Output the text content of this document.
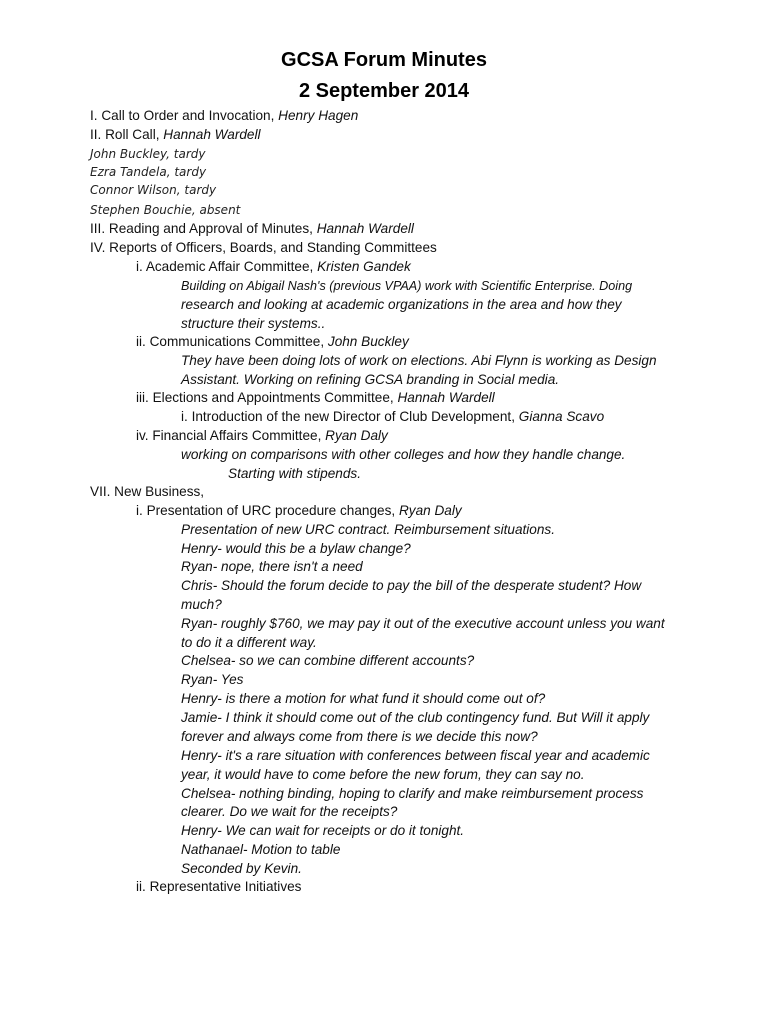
GCSA Forum Minutes
2 September 2014
I. Call to Order and Invocation, Henry Hagen
II. Roll Call, Hannah Wardell
John Buckley, tardy
Ezra Tandela, tardy
Connor Wilson, tardy
Stephen Bouchie, absent
III. Reading and Approval of Minutes, Hannah Wardell
IV. Reports of Officers, Boards, and Standing Committees
i. Academic Affair Committee, Kristen Gandek
Building on Abigail Nash's (previous VPAA) work with Scientific Enterprise. Doing
research and looking at academic organizations in the area and how they
structure their systems..
ii. Communications Committee, John Buckley
They have been doing lots of work on elections. Abi Flynn is working as Design
Assistant. Working on refining GCSA branding in Social media.
iii. Elections and Appointments Committee, Hannah Wardell
i. Introduction of the new Director of Club Development, Gianna Scavo
iv. Financial Affairs Committee, Ryan Daly
working on comparisons with other colleges and how they handle change.
Starting with stipends.
VII. New Business,
i. Presentation of URC procedure changes, Ryan Daly
Presentation of new URC contract. Reimbursement situations.
Henry- would this be a bylaw change?
Ryan- nope, there isn't a need
Chris- Should the forum decide to pay the bill of the desperate student? How
much?
Ryan- roughly $760, we may pay it out of the executive account unless you want
to do it a different way.
Chelsea- so we can combine different accounts?
Ryan- Yes
Henry- is there a motion for what fund it should come out of?
Jamie- I think it should come out of the club contingency fund. But Will it apply
forever and always come from there is we decide this now?
Henry- it's a rare situation with conferences between fiscal year and academic
year, it would have to come before the new forum, they can say no.
Chelsea- nothing binding, hoping to clarify and make reimbursement process
clearer. Do we wait for the receipts?
Henry- We can wait for receipts or do it tonight.
Nathanael- Motion to table
Seconded by Kevin.
ii. Representative Initiatives
